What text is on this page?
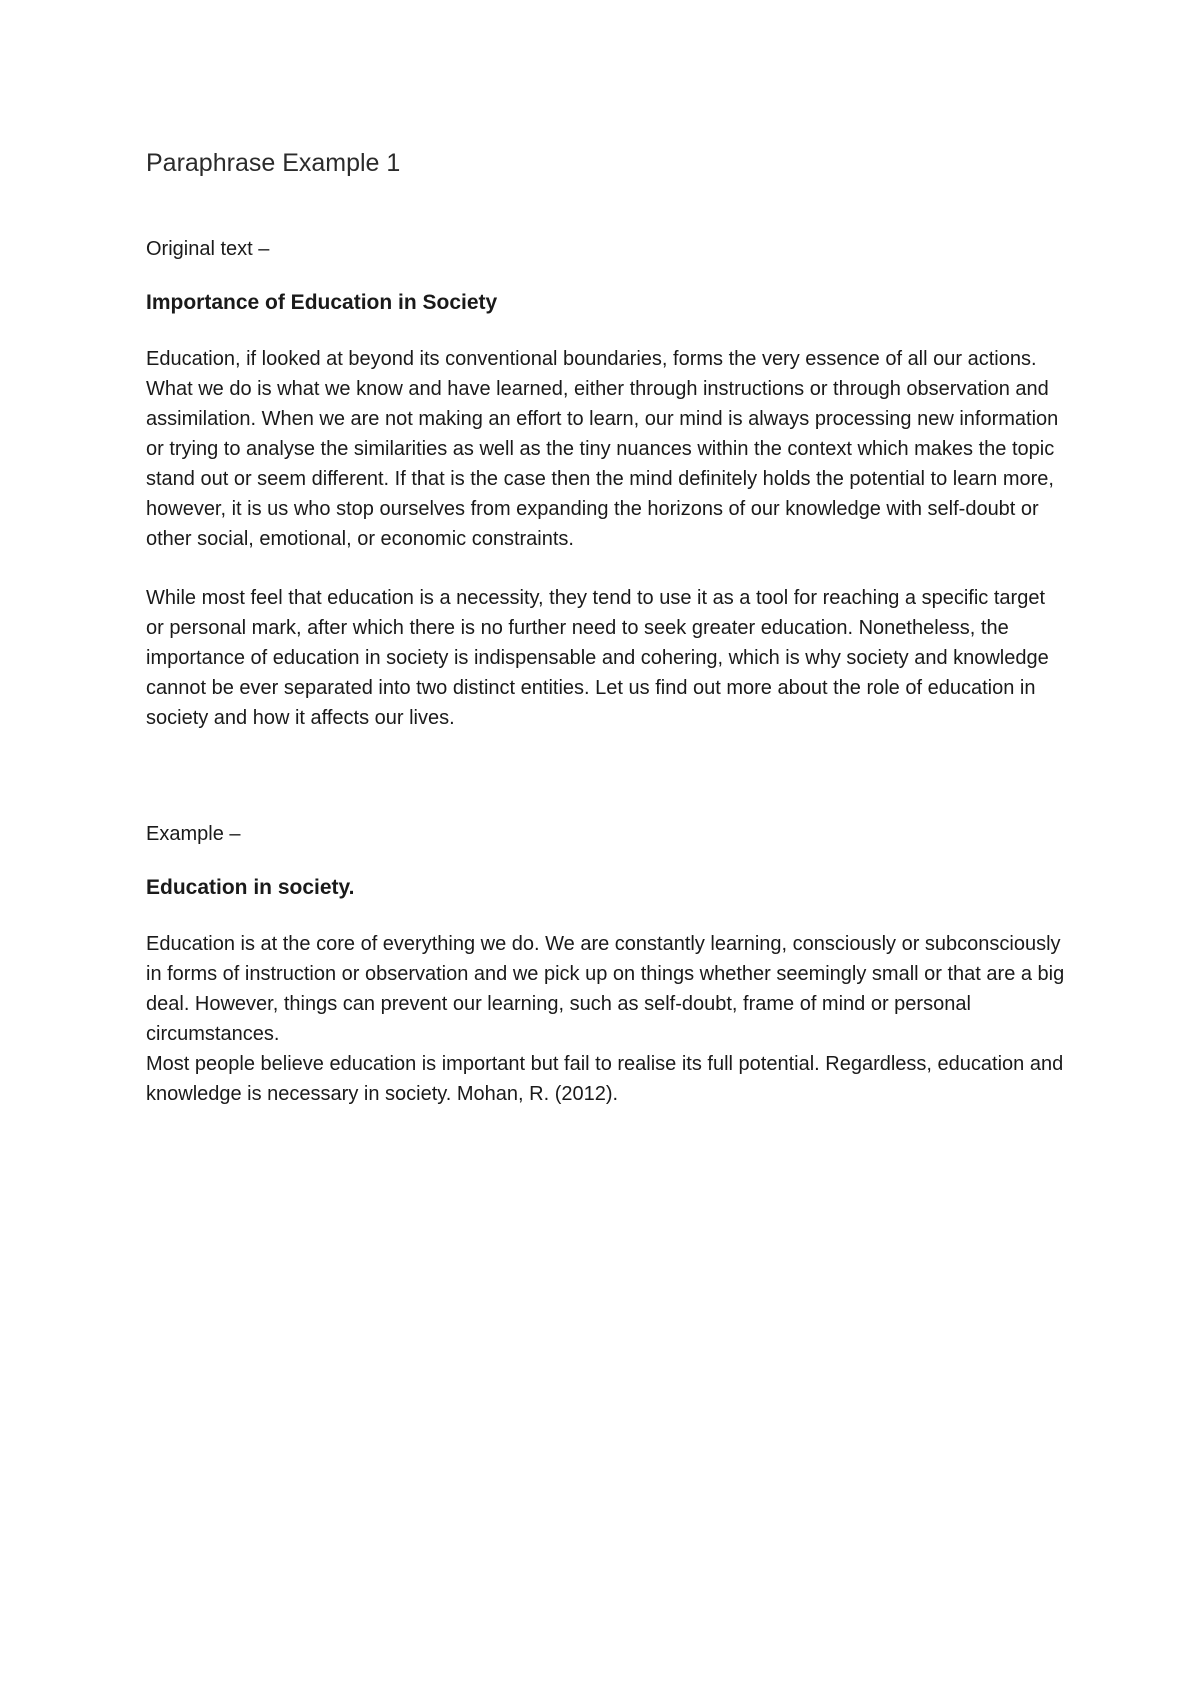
Paraphrase Example 1
Original text –
Importance of Education in Society

Education, if looked at beyond its conventional boundaries, forms the very essence of all our actions. What we do is what we know and have learned, either through instructions or through observation and assimilation. When we are not making an effort to learn, our mind is always processing new information or trying to analyse the similarities as well as the tiny nuances within the context which makes the topic stand out or seem different. If that is the case then the mind definitely holds the potential to learn more, however, it is us who stop ourselves from expanding the horizons of our knowledge with self-doubt or other social, emotional, or economic constraints.

While most feel that education is a necessity, they tend to use it as a tool for reaching a specific target or personal mark, after which there is no further need to seek greater education. Nonetheless, the importance of education in society is indispensable and cohering, which is why society and knowledge cannot be ever separated into two distinct entities. Let us find out more about the role of education in society and how it affects our lives.

Example –
Education in society.

Education is at the core of everything we do. We are constantly learning, consciously or subconsciously in forms of instruction or observation and we pick up on things whether seemingly small or that are a big deal. However, things can prevent our learning, such as self-doubt, frame of mind or personal circumstances.

Most people believe education is important but fail to realise its full potential. Regardless, education and knowledge is necessary in society. Mohan, R. (2012).
